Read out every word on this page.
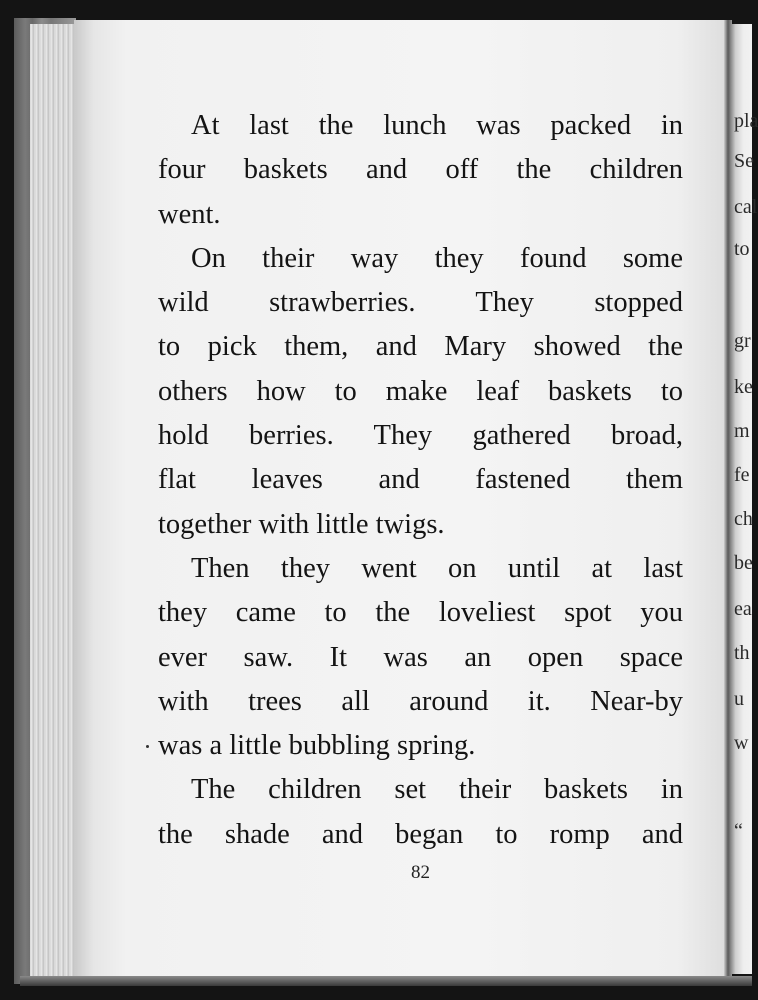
At last the lunch was packed in
four baskets and off the children
went.
On their way they found some
wild strawberries. They stopped
to pick them, and Mary showed the
others how to make leaf baskets to
hold berries. They gathered broad,
flat leaves and fastened them
together with little twigs.
Then they went on until at last
they came to the loveliest spot you
ever saw. It was an open space
with trees all around it. Near-by
was a little bubbling spring.
The children set their baskets in
the shade and began to romp and
82
pla
Se
cal
to
gr
ke
m
fe
ch
be
ea
th
u
w
“
